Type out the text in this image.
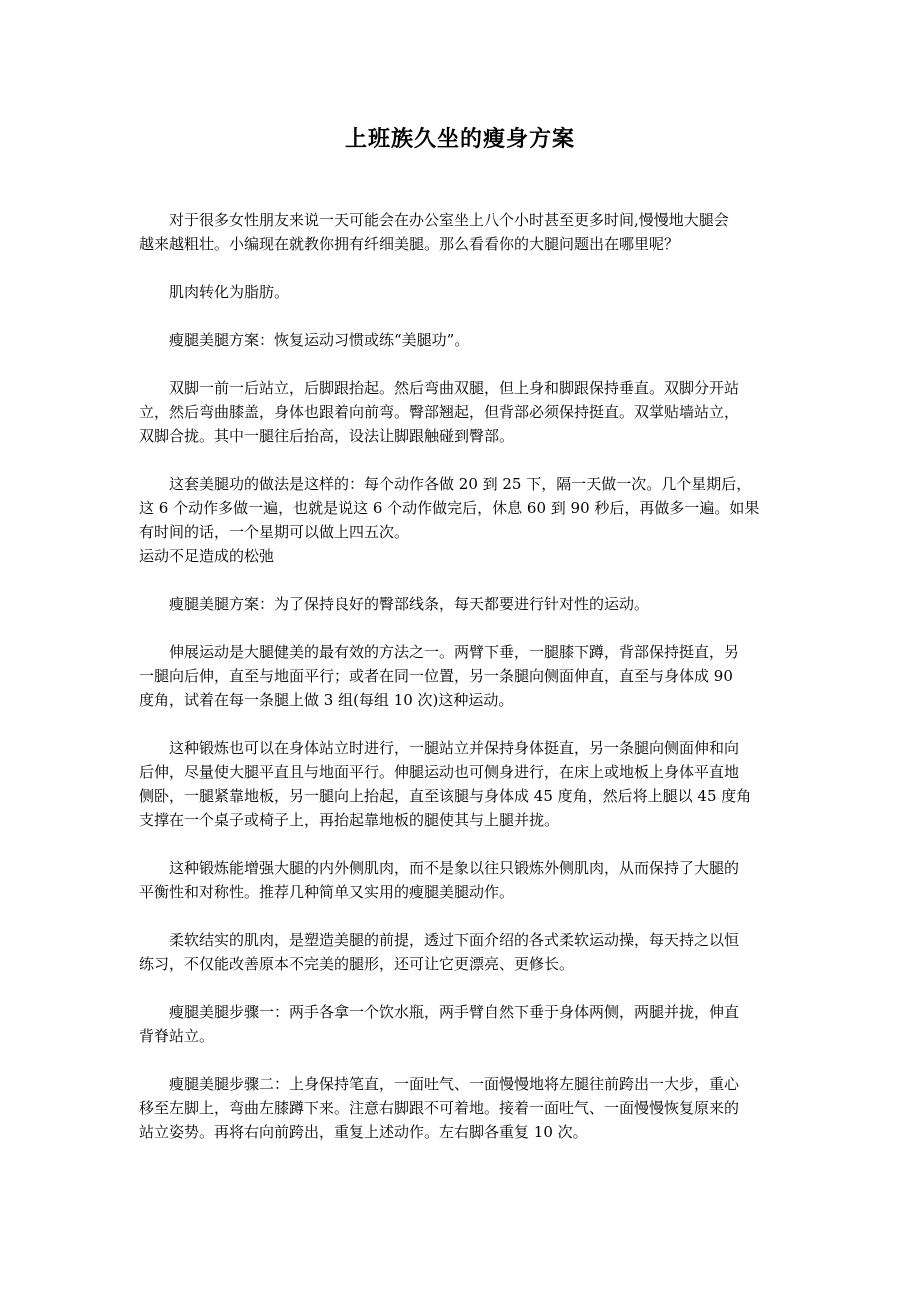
上班族久坐的瘦身方案

对于很多女性朋友来说一天可能会在办公室坐上八个小时甚至更多时间,慢慢地大腿会
越来越粗壮。小编现在就教你拥有纤细美腿。那么看看你的大腿问题出在哪里呢？

肌肉转化为脂肪。

瘦腿美腿方案：恢复运动习惯或练“美腿功”。

双脚一前一后站立，后脚跟抬起。然后弯曲双腿，但上身和脚跟保持垂直。双脚分开站
立，然后弯曲膝盖，身体也跟着向前弯。臀部翘起，但背部必须保持挺直。双掌贴墙站立，
双脚合拢。其中一腿往后抬高，设法让脚跟触碰到臀部。

这套美腿功的做法是这样的：每个动作各做 20 到 25 下，隔一天做一次。几个星期后，
这 6 个动作多做一遍，也就是说这 6 个动作做完后，休息 60 到 90 秒后，再做多一遍。如果
有时间的话，一个星期可以做上四五次。

运动不足造成的松弛

瘦腿美腿方案：为了保持良好的臀部线条，每天都要进行针对性的运动。

伸展运动是大腿健美的最有效的方法之一。两臂下垂，一腿膝下蹲，背部保持挺直，另
一腿向后伸，直至与地面平行；或者在同一位置，另一条腿向侧面伸直，直至与身体成 90
度角，试着在每一条腿上做 3 组(每组 10 次)这种运动。

这种锻炼也可以在身体站立时进行，一腿站立并保持身体挺直，另一条腿向侧面伸和向
后伸，尽量使大腿平直且与地面平行。伸腿运动也可侧身进行，在床上或地板上身体平直地
侧卧，一腿紧靠地板，另一腿向上抬起，直至该腿与身体成 45 度角，然后将上腿以 45 度角
支撑在一个桌子或椅子上，再抬起靠地板的腿使其与上腿并拢。

这种锻炼能增强大腿的内外侧肌肉，而不是象以往只锻炼外侧肌肉，从而保持了大腿的
平衡性和对称性。推荐几种简单又实用的瘦腿美腿动作。

柔软结实的肌肉，是塑造美腿的前提，透过下面介绍的各式柔软运动操，每天持之以恒
练习，不仅能改善原本不完美的腿形，还可让它更漂亮、更修长。

瘦腿美腿步骤一：两手各拿一个饮水瓶，两手臂自然下垂于身体两侧，两腿并拢，伸直
背脊站立。

瘦腿美腿步骤二：上身保持笔直，一面吐气、一面慢慢地将左腿往前跨出一大步，重心
移至左脚上，弯曲左膝蹲下来。注意右脚跟不可着地。接着一面吐气、一面慢慢恢复原来的
站立姿势。再将右向前跨出，重复上述动作。左右脚各重复 10 次。
